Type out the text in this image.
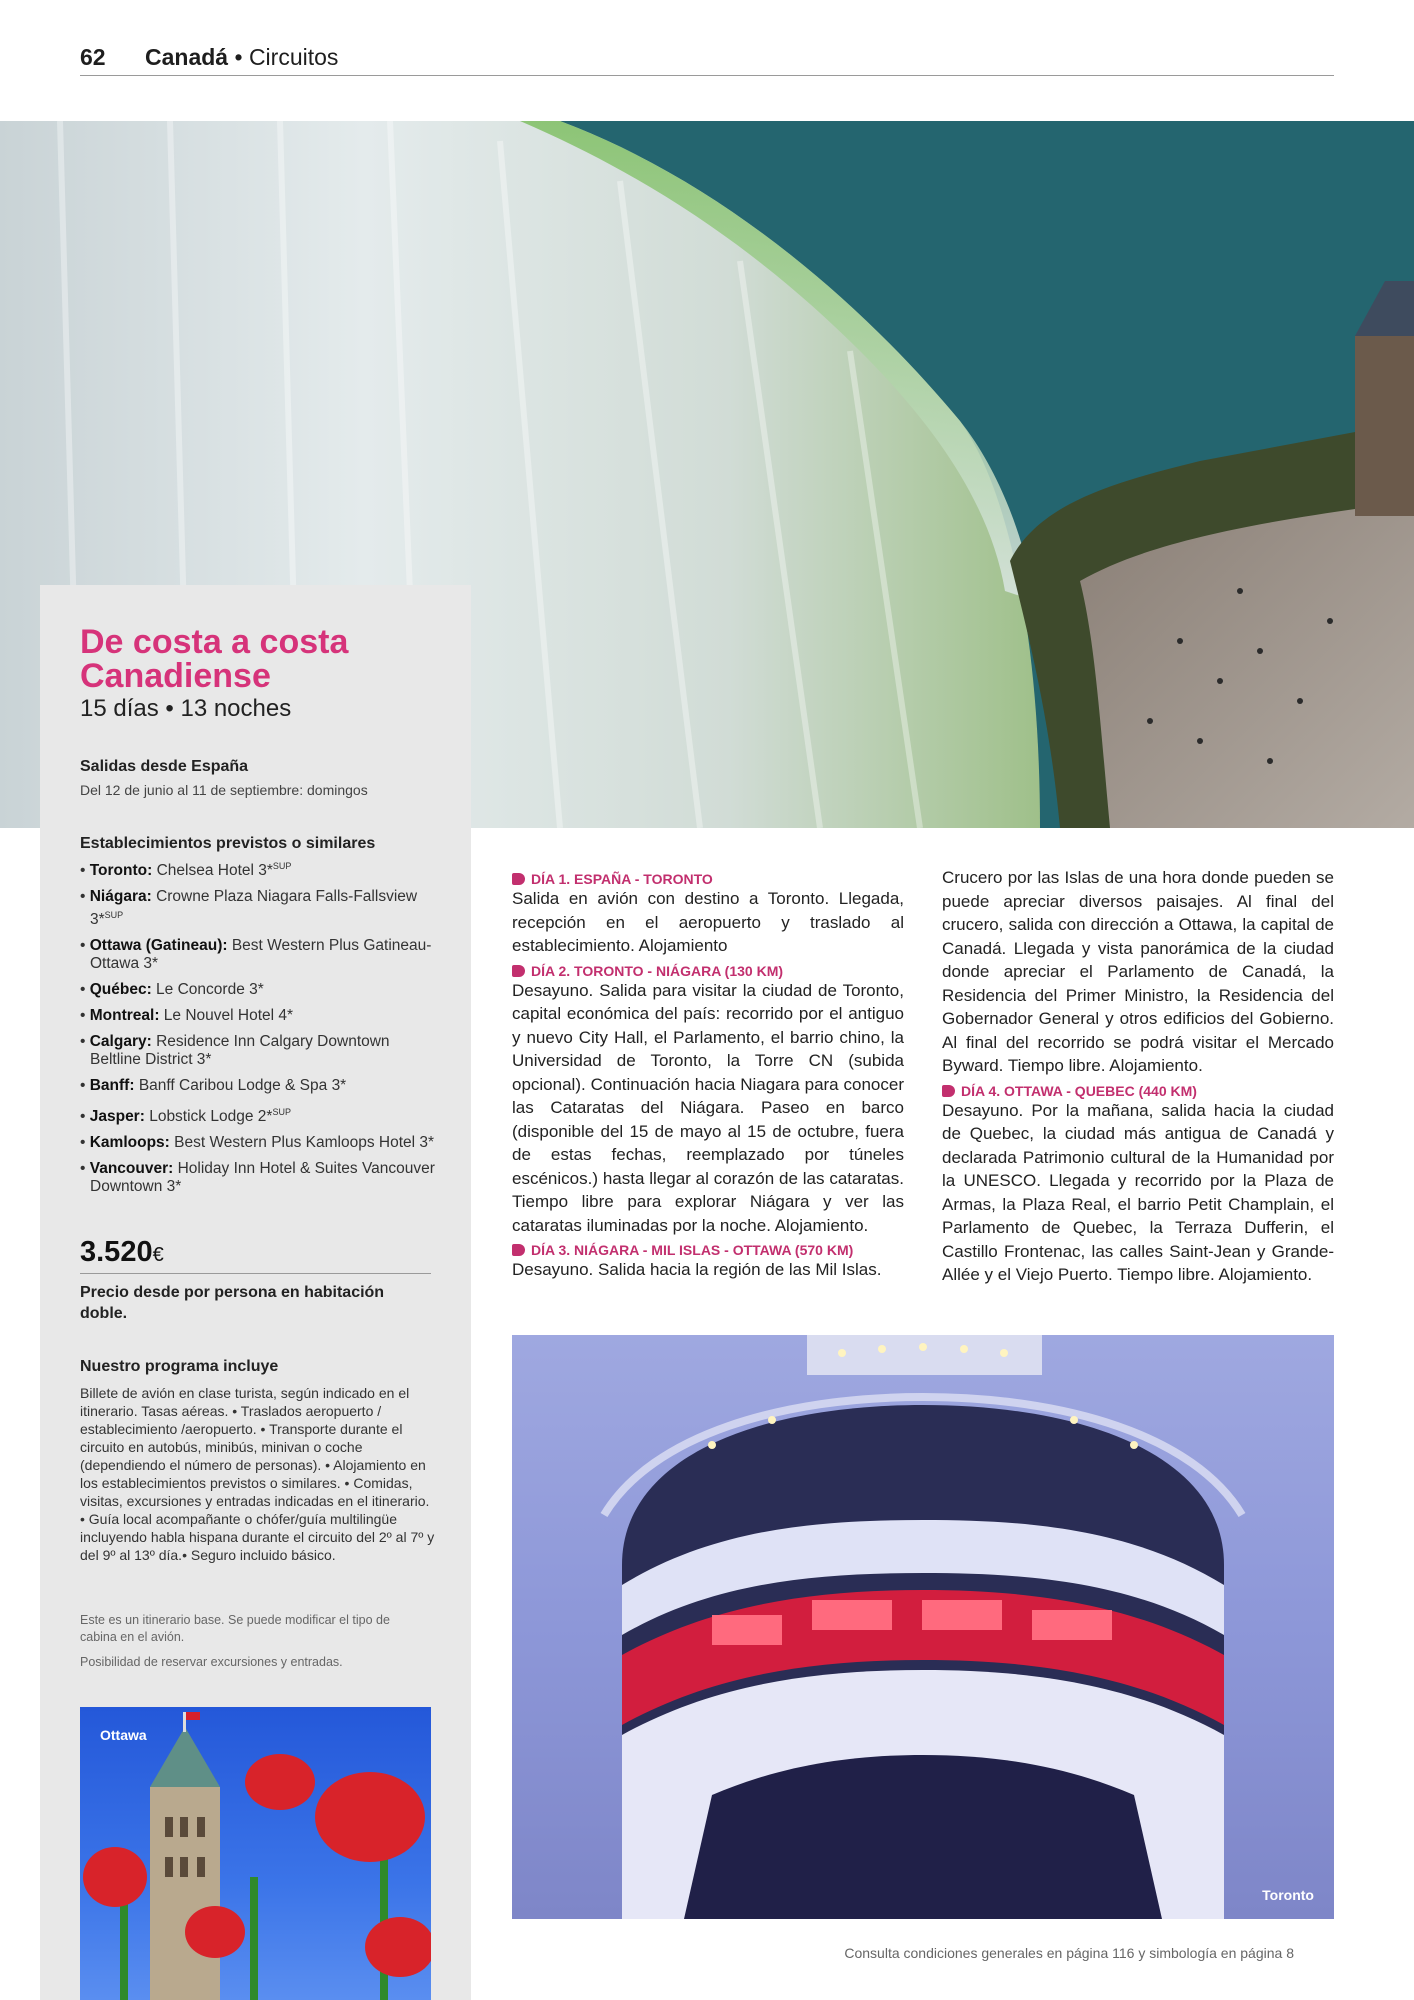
62 Canadá • Circuitos
De costa a costa
Canadiense
15 días • 13 noches
Salidas desde España
Del 12 de junio al 11 de septiembre: domingos
Establecimientos previstos o similares
• Toronto: Chelsea Hotel 3*$^{SUP}$
• Niágara: Crowne Plaza Niagara Falls-Fallsview 3*$^{SUP}$
• Ottawa (Gatineau): Best Western Plus Gatineau-Ottawa 3*
• Québec: Le Concorde 3*
• Montreal: Le Nouvel Hotel 4*
• Calgary: Residence Inn Calgary Downtown Beltline District 3*
• Banff: Banff Caribou Lodge & Spa 3*
• Jasper: Lobstick Lodge 2*$^{SUP}$
• Kamloops: Best Western Plus Kamloops Hotel 3*
• Vancouver: Holiday Inn Hotel & Suites Vancouver Downtown 3*
3.520€
Precio desde por persona en habitación doble.
Nuestro programa incluye
Billete de avión en clase turista, según indicado en el itinerario. Tasas aéreas. • Traslados aeropuerto / establecimiento /aeropuerto. • Transporte durante el circuito en autobús, minibús, minivan o coche (dependiendo el número de personas). • Alojamiento en los establecimientos previstos o similares. • Comidas, visitas, excursiones y entradas indicadas en el itinerario. • Guía local acompañante o chófer/guía multilingüe incluyendo habla hispana durante el circuito del 2º al 7º y del 9º al 13º día.• Seguro incluido básico.

Este es un itinerario base. Se puede modificar el tipo de cabina en el avión.

Posibilidad de reservar excursiones y entradas.

Ottawa
DÍA 1. ESPAÑA - TORONTO
Salida en avión con destino a Toronto. Llegada, recepción en el aeropuerto y traslado al establecimiento. Alojamiento
DÍA 2. TORONTO - NIÁGARA (130 KM)
Desayuno. Salida para visitar la ciudad de Toronto, capital económica del país: recorrido por el antiguo y nuevo City Hall, el Parlamento, el barrio chino, la Universidad de Toronto, la Torre CN (subida opcional). Continuación hacia Niagara para conocer las Cataratas del Niágara. Paseo en barco (disponible del 15 de mayo al 15 de octubre, fuera de estas fechas, reemplazado por túneles escénicos.) hasta llegar al corazón de las cataratas. Tiempo libre para explorar Niágara y ver las cataratas iluminadas por la noche. Alojamiento.
DÍA 3. NIÁGARA - MIL ISLAS - OTTAWA (570 KM)
Desayuno. Salida hacia la región de las Mil Islas.
Crucero por las Islas de una hora donde pueden se puede apreciar diversos paisajes. Al final del crucero, salida con dirección a Ottawa, la capital de Canadá. Llegada y vista panorámica de la ciudad donde apreciar el Parlamento de Canadá, la Residencia del Primer Ministro, la Residencia del Gobernador General y otros edificios del Gobierno. Al final del recorrido se podrá visitar el Mercado Byward. Tiempo libre. Alojamiento.
DÍA 4. OTTAWA - QUEBEC (440 KM)
Desayuno. Por la mañana, salida hacia la ciudad de Quebec, la ciudad más antigua de Canadá y declarada Patrimonio cultural de la Humanidad por la UNESCO. Llegada y recorrido por la Plaza de Armas, la Plaza Real, el barrio Petit Champlain, el Parlamento de Quebec, la Terraza Dufferin, el Castillo Frontenac, las calles Saint-Jean y Grande-Allée y el Viejo Puerto. Tiempo libre. Alojamiento.
Toronto
Consulta condiciones generales en página 116 y simbología en página 8
